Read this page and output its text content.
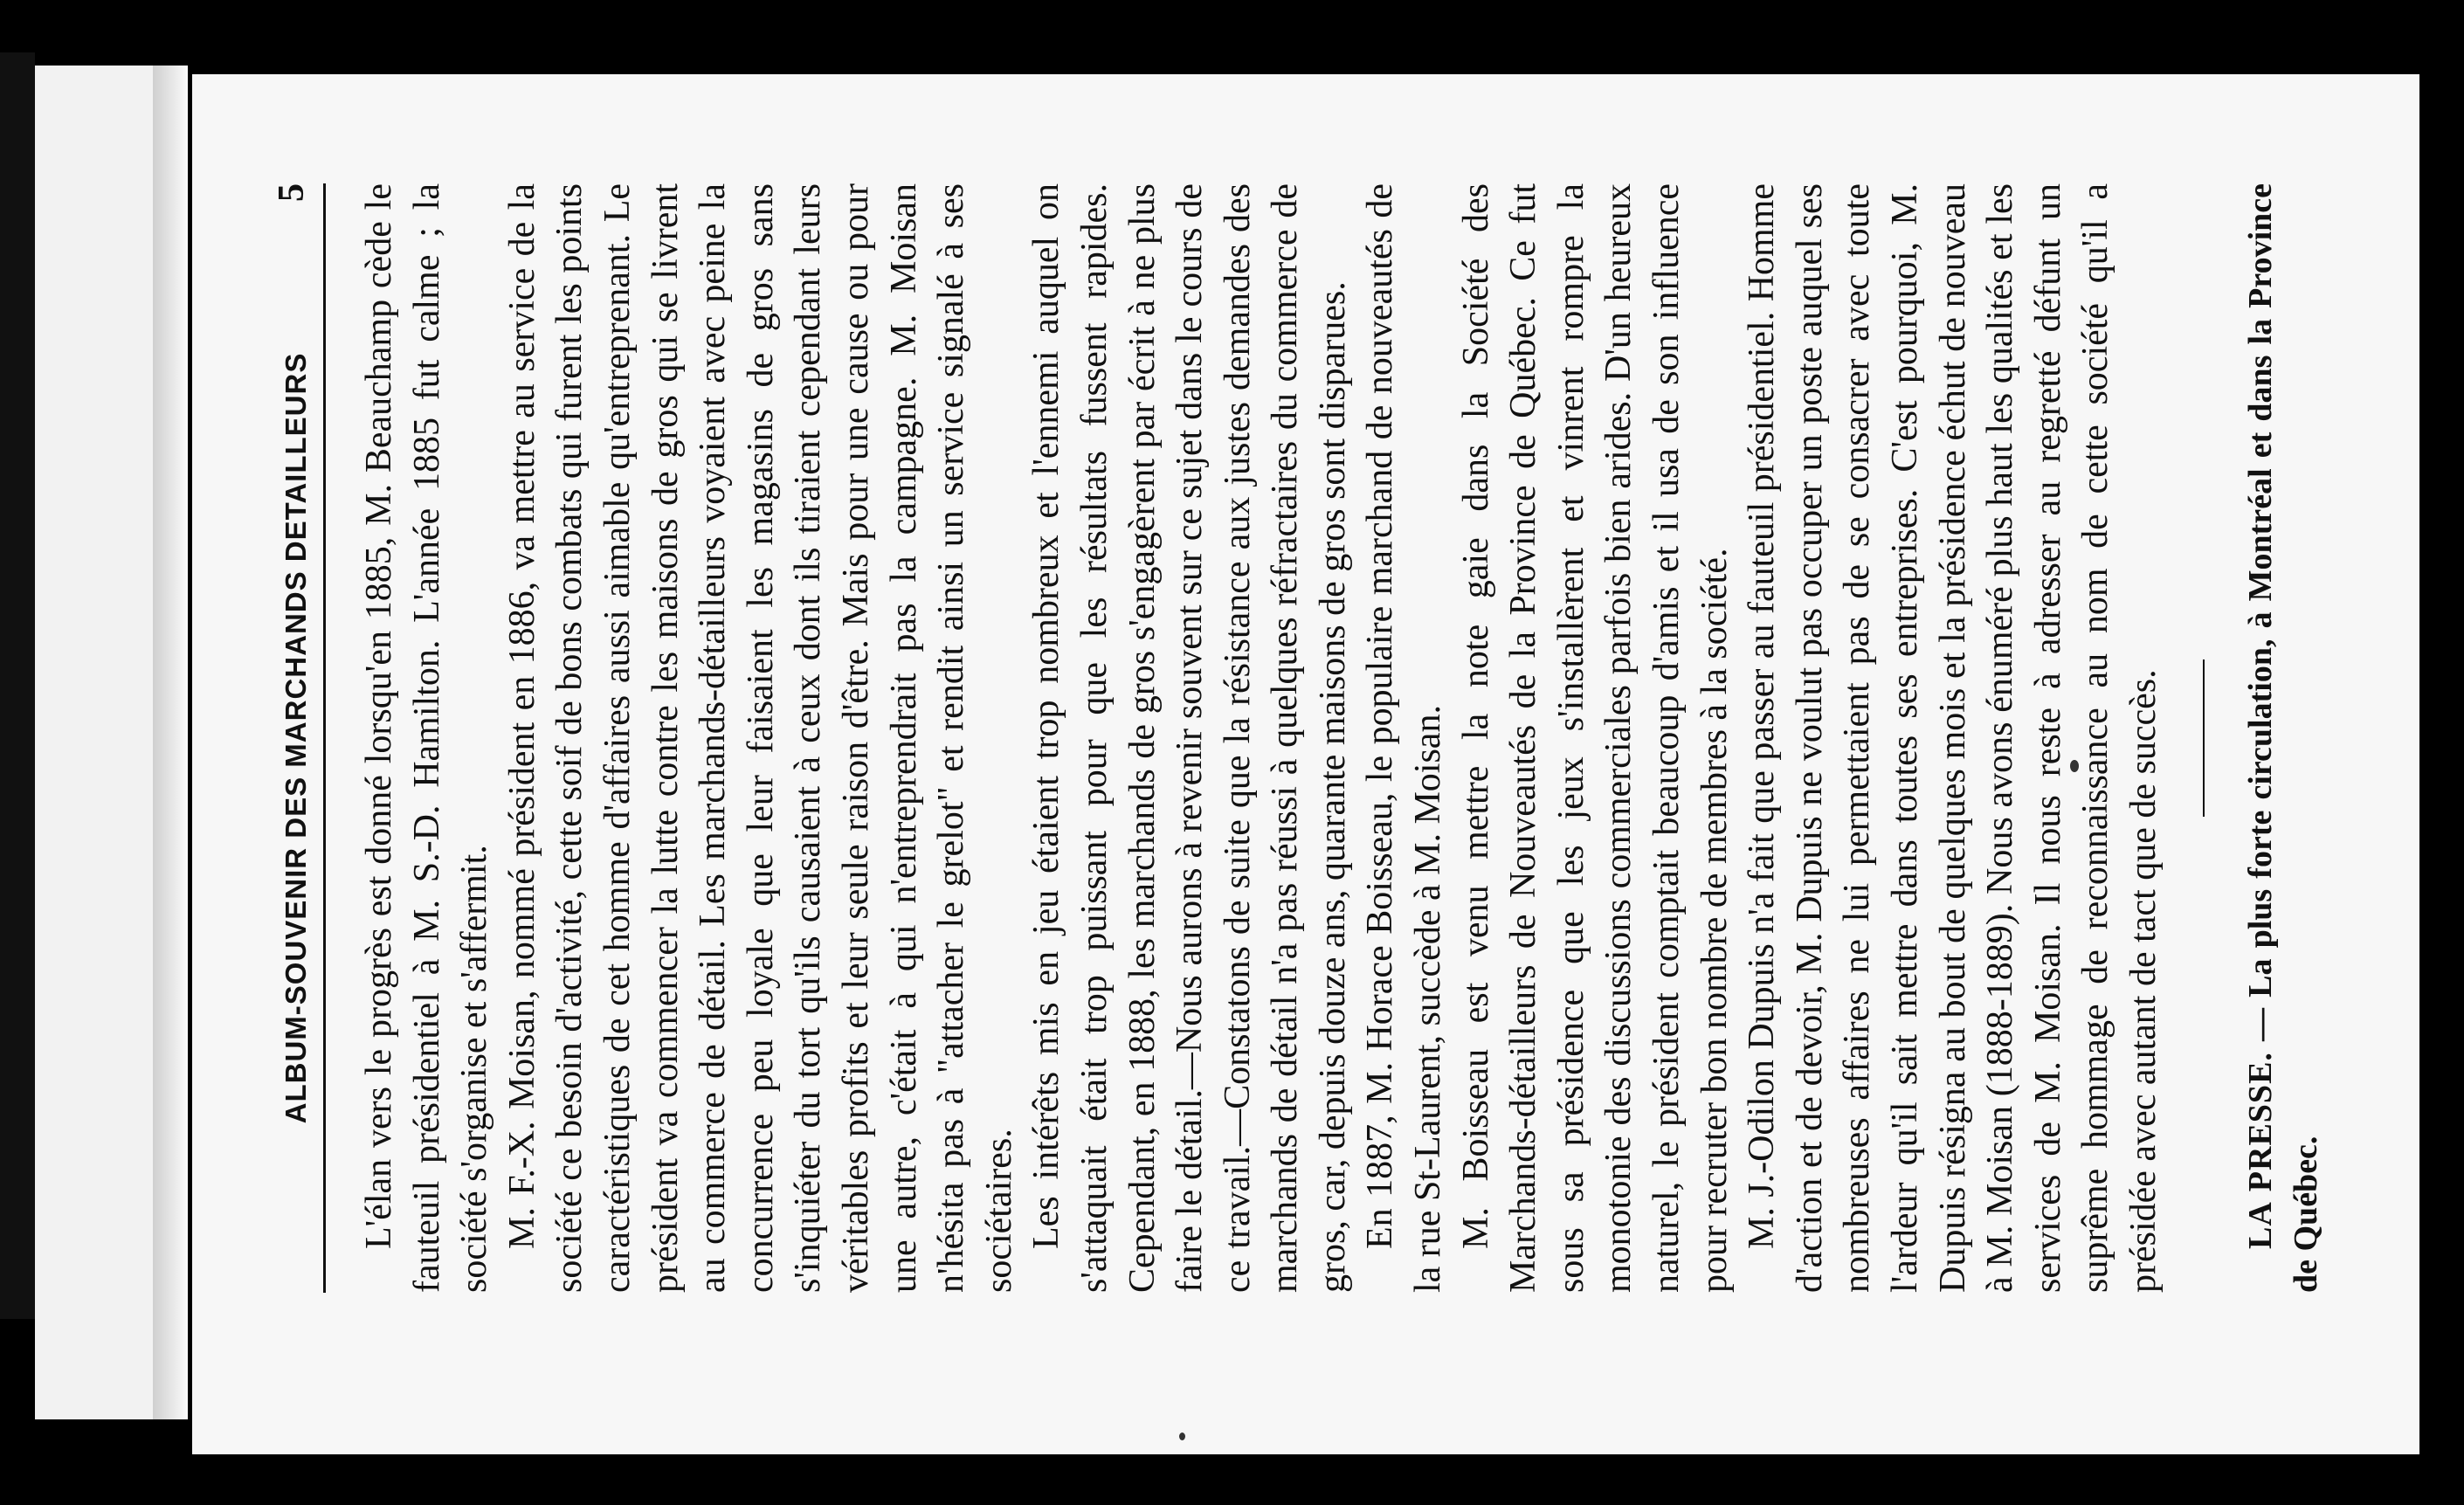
ALBUM-SOUVENIR DES MARCHANDS DETAILLEURS
5 L'élan vers le progrès est donné lorsqu'en 1885, M. Beauchamp cède le fauteuil présidentiel à M. S.-D. Hamilton. L'année 1885 fut calme ; la société s'organise et s'affermit. M. F.-X. Moisan, nommé président en 1886, va mettre au service de la société ce besoin d'activité, cette soif de bons combats qui furent les points caractéristiques de cet homme d'affaires aussi aimable qu'entreprenant. Le président va commencer la lutte contre les maisons de gros qui se livrent au commerce de détail. Les marchands-détailleurs voyaient avec peine la concurrence peu loyale que leur faisaient les magasins de gros sans s'inquiéter du tort qu'ils causaient à ceux dont ils tiraient cependant leurs véritables profits et leur seule raison d'être. Mais pour une cause ou pour une autre, c'était à qui n'entreprendrait pas la campagne. M. Moisan n'hésita pas à "attacher le grelot" et rendit ainsi un service signalé à ses sociétaires. Les intérêts mis en jeu étaient trop nombreux et l'ennemi auquel on s'attaquait était trop puissant pour que les résultats fussent rapides. Cependant, en 1888, les marchands de gros s'engagèrent par écrit à ne plus faire le détail.—Nous aurons à revenir souvent sur ce sujet dans le cours de ce travail.—Constatons de suite que la résistance aux justes demandes des marchands de détail n'a pas réussi à quelques réfractaires du commerce de gros, car, depuis douze ans, quarante maisons de gros sont disparues. En 1887, M. Horace Boisseau, le populaire marchand de nouveautés de la rue St-Laurent, succède à M. Moisan. M. Boisseau est venu mettre la note gaie dans la Société des Marchands-détailleurs de Nouveautés de la Province de Québec. Ce fut sous sa présidence que les jeux s'installèrent et vinrent rompre la monotonie des discussions commerciales parfois bien arides. D'un heureux naturel, le président comptait beaucoup d'amis et il usa de son influence pour recruter bon nombre de membres à la société. M. J.-Odilon Dupuis n'a fait que passer au fauteuil présidentiel. Homme d'action et de devoir, M. Dupuis ne voulut pas occuper un poste auquel ses nombreuses affaires ne lui permettaient pas de se consacrer avec toute l'ardeur qu'il sait mettre dans toutes ses entreprises. C'est pourquoi, M. Dupuis résigna au bout de quelques mois et la présidence échut de nouveau à M. Moisan (1888-1889). Nous avons énuméré plus haut les qualités et les services de M. Moisan. Il nous reste à adresser au regretté défunt un suprême hommage de reconnaissance au nom de cette société qu'il a présidée avec autant de tact que de succès. LA PRESSE. — La plus forte circulation, à Montréal et dans la Province de Québec.
